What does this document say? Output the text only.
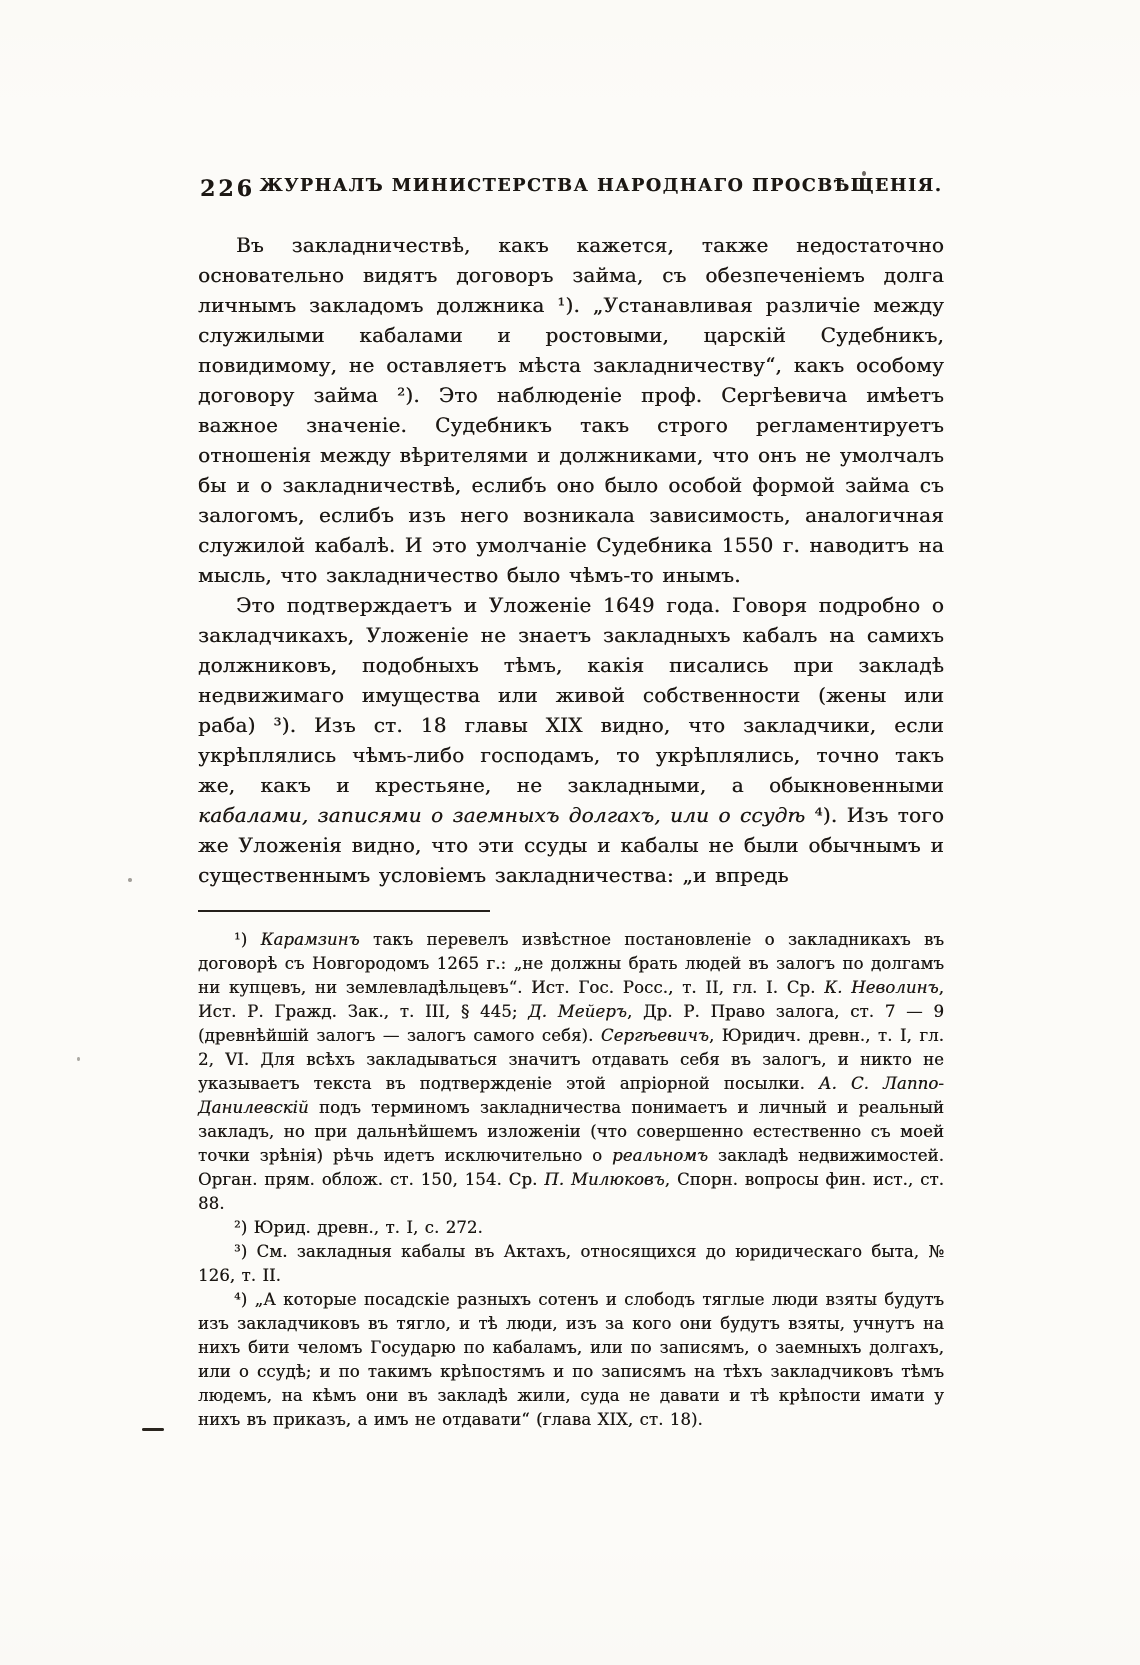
226 ЖУРНАЛЪ МИНИСТЕРСТВА НАРОДНАГО ПРОСВѢЩЕНІЯ.

Въ закладничествѣ, какъ кажется, также недостаточно основательно видятъ договоръ займа, съ обезпеченіемъ долга личнымъ закладомъ должника ¹). „Устанавливая различіе между служилыми кабалами и ростовыми, царскій Судебникъ, повидимому, не оставляетъ мѣста закладничеству“, какъ особому договору займа ²). Это наблюденіе проф. Сергѣевича имѣетъ важное значеніе. Судебникъ такъ строго регламентируетъ отношенія между вѣрителями и должниками, что онъ не умолчалъ бы и о закладничествѣ, еслибъ оно было особой формой займа съ залогомъ, еслибъ изъ него возникала зависимость, аналогичная служилой кабалѣ. И это умолчаніе Судебника 1550 г. наводитъ на мысль, что закладничество было чѣмъ-то инымъ.

Это подтверждаетъ и Уложеніе 1649 года. Говоря подробно о закладчикахъ, Уложеніе не знаетъ закладныхъ кабалъ на самихъ должниковъ, подобныхъ тѣмъ, какія писались при закладѣ недвижимаго имущества или живой собственности (жены или раба) ³). Изъ ст. 18 главы XIX видно, что закладчики, если укрѣплялись чѣмъ-либо господамъ, то укрѣплялись, точно такъ же, какъ и крестьяне, не закладными, а обыкновенными кабалами, записями о заемныхъ долгахъ, или о ссудѣ ⁴). Изъ того же Уложенія видно, что эти ссуды и кабалы не были обычнымъ и существеннымъ условіемъ закладничества: „и впредь

¹) Карамзинъ такъ перевелъ извѣстное постановленіе о закладникахъ въ договорѣ съ Новгородомъ 1265 г.: „не должны брать людей въ залогъ по долгамъ ни купцевъ, ни землевладѣльцевъ“. Ист. Гос. Росс., т. II, гл. I. Ср. К. Неволинъ, Ист. Р. Гражд. Зак., т. III, § 445; Д. Мейеръ, Др. Р. Право залога, ст. 7 — 9 (древнѣйшій залогъ — залогъ самого себя). Сергѣевичъ, Юридич. древн., т. I, гл. 2, VI. Для всѣхъ закладываться значитъ отдавать себя въ залогъ, и никто не указываетъ текста въ подтвержденіе этой апріорной посылки. А. С. Лаппо-Данилевскій подъ терминомъ закладничества понимаетъ и личный и реальный закладъ, но при дальнѣйшемъ изложеніи (что совершенно естественно съ моей точки зрѣнія) рѣчь идетъ исключительно о реальномъ закладѣ недвижимостей. Орган. прям. облож. ст. 150, 154. Ср. П. Милюковъ, Спорн. вопросы фин. ист., ст. 88.

²) Юрид. древн., т. I, с. 272.

³) См. закладныя кабалы въ Актахъ, относящихся до юридическаго быта, № 126, т. II.

⁴) „А которые посадскіе разныхъ сотенъ и слободъ тяглые люди взяты будутъ изъ закладчиковъ въ тягло, и тѣ люди, изъ за кого они будутъ взяты, учнутъ на нихъ бити челомъ Государю по кабаламъ, или по записямъ, о заемныхъ долгахъ, или о ссудѣ; и по такимъ крѣпостямъ и по записямъ на тѣхъ закладчиковъ тѣмъ людемъ, на кѣмъ они въ закладѣ жили, суда не давати и тѣ крѣпости имати у нихъ въ приказъ, а имъ не отдавати“ (глава XIX, ст. 18).
